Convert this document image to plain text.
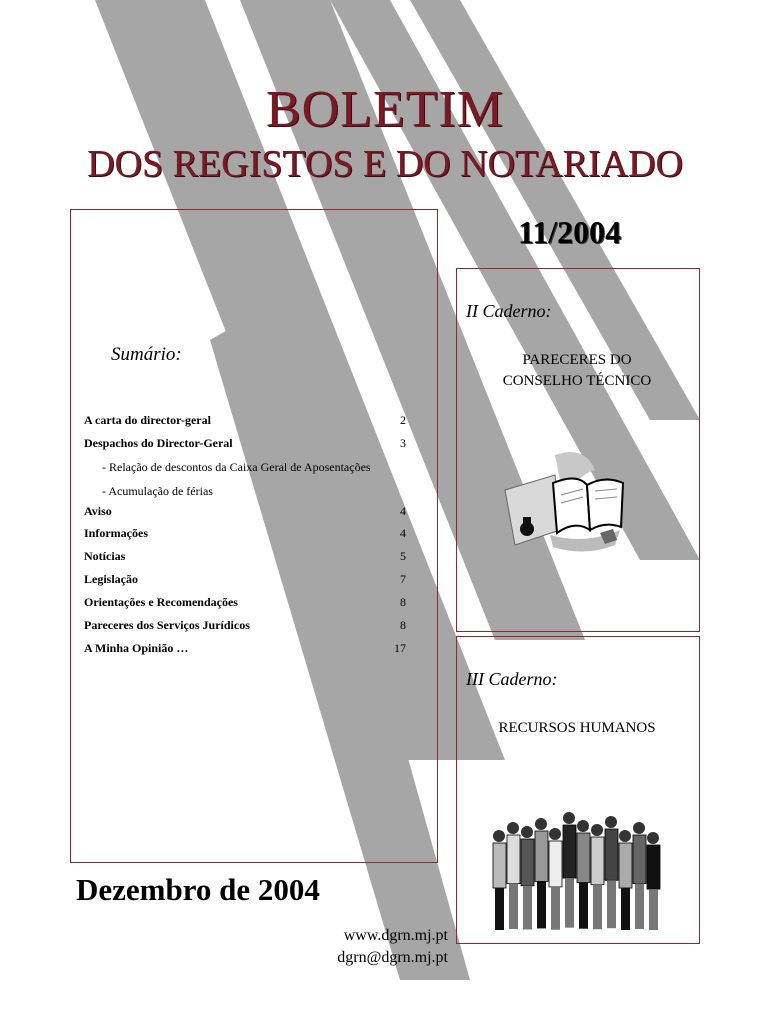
BOLETIM
DOS REGISTOS E DO NOTARIADO
11/2004
Sumário:
A carta do director-geral	2
Despachos do Director-Geral	3
- Relação de descontos da Caixa Geral de Aposentações
- Acumulação de férias
Aviso	4
Informações	4
Notícias	5
Legislação	7
Orientações e Recomendações	8
Pareceres dos Serviços Jurídicos	8
A Minha Opinião …	17
II Caderno:
PARECERES DO
CONSELHO TÉCNICO
III Caderno:
RECURSOS HUMANOS
Dezembro de 2004
www.dgrn.mj.pt
dgrn@dgrn.mj.pt
